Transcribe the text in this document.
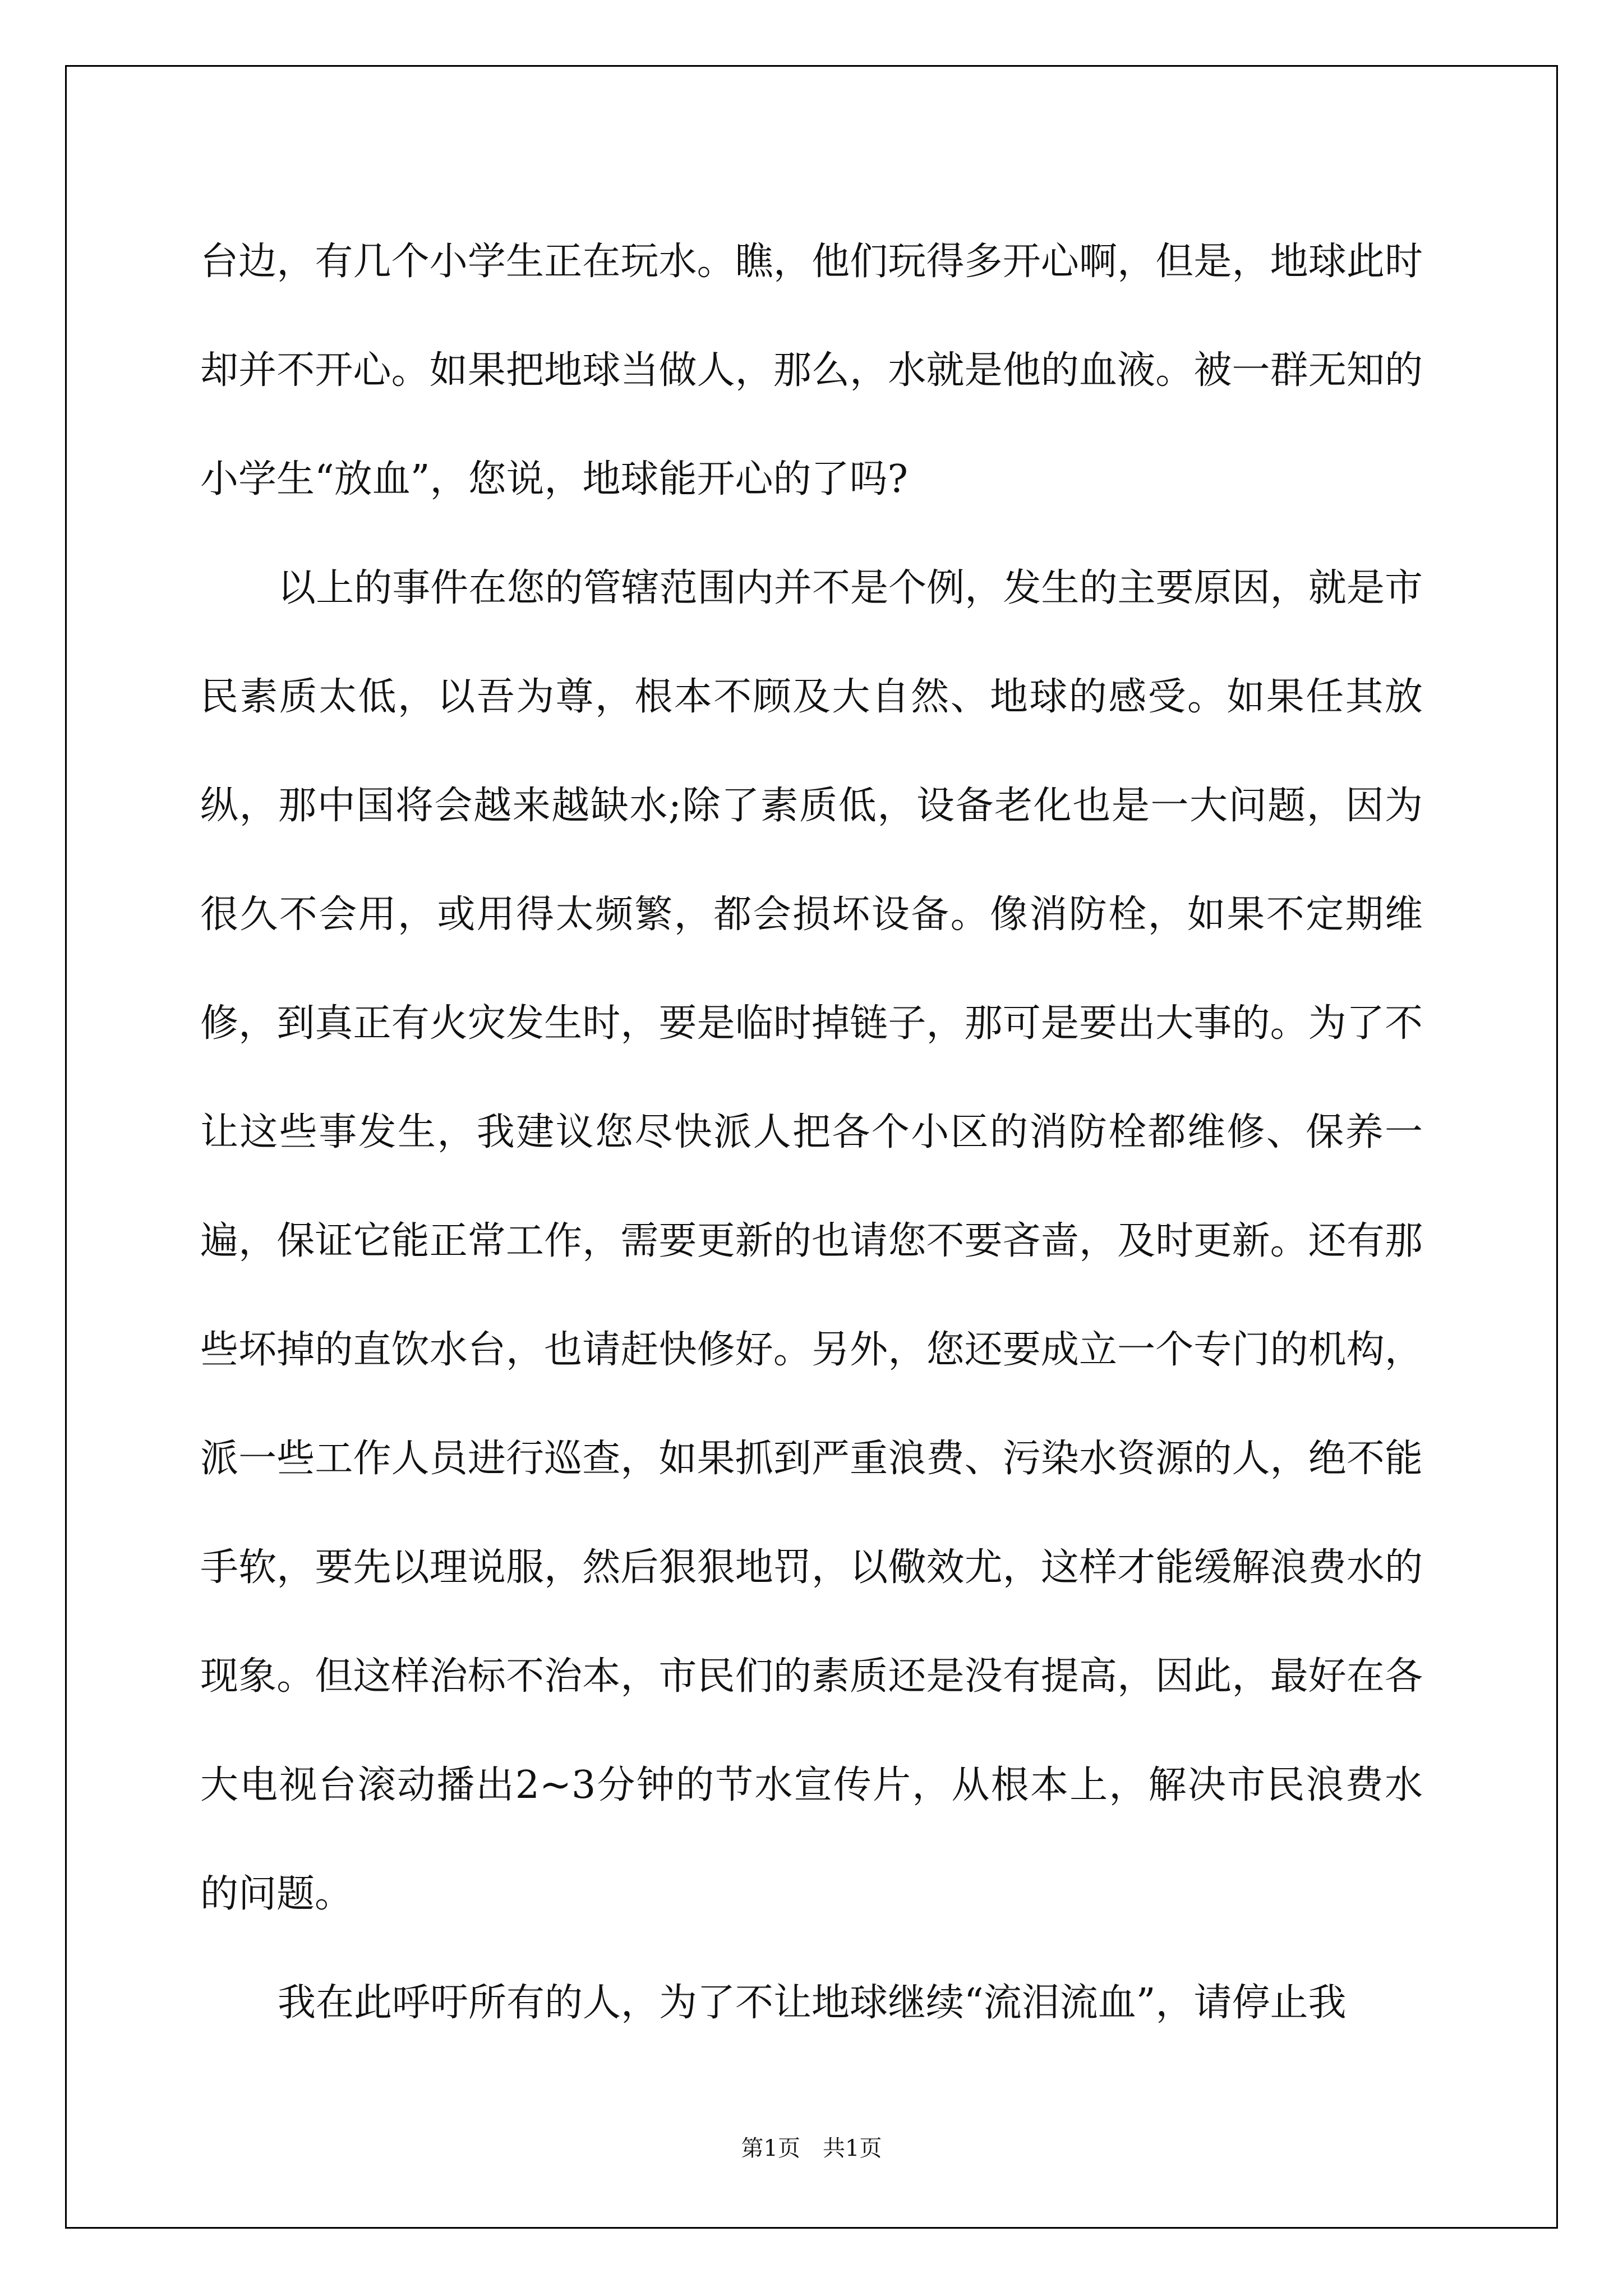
台边，有几个小学生正在玩水。瞧，他们玩得多开心啊，但是，地球此时却并不开心。如果把地球当做人，那么，水就是他的血液。被一群无知的小学生“放血”，您说，地球能开心的了吗?

以上的事件在您的管辖范围内并不是个例，发生的主要原因，就是市民素质太低，以吾为尊，根本不顾及大自然、地球的感受。如果任其放纵，那中国将会越来越缺水;除了素质低，设备老化也是一大问题，因为很久不会用，或用得太频繁，都会损坏设备。像消防栓，如果不定期维修，到真正有火灾发生时，要是临时掉链子，那可是要出大事的。为了不让这些事发生，我建议您尽快派人把各个小区的消防栓都维修、保养一遍，保证它能正常工作，需要更新的也请您不要吝啬，及时更新。还有那些坏掉的直饮水台，也请赶快修好。另外，您还要成立一个专门的机构，派一些工作人员进行巡查，如果抓到严重浪费、污染水资源的人，绝不能手软，要先以理说服，然后狠狠地罚，以儆效尤，这样才能缓解浪费水的现象。但这样治标不治本，市民们的素质还是没有提高，因此，最好在各大电视台滚动播出2~3分钟的节水宣传片，从根本上，解决市民浪费水的问题。

我在此呼吁所有的人，为了不让地球继续“流泪流血”，请停止我

第1页　共1页
